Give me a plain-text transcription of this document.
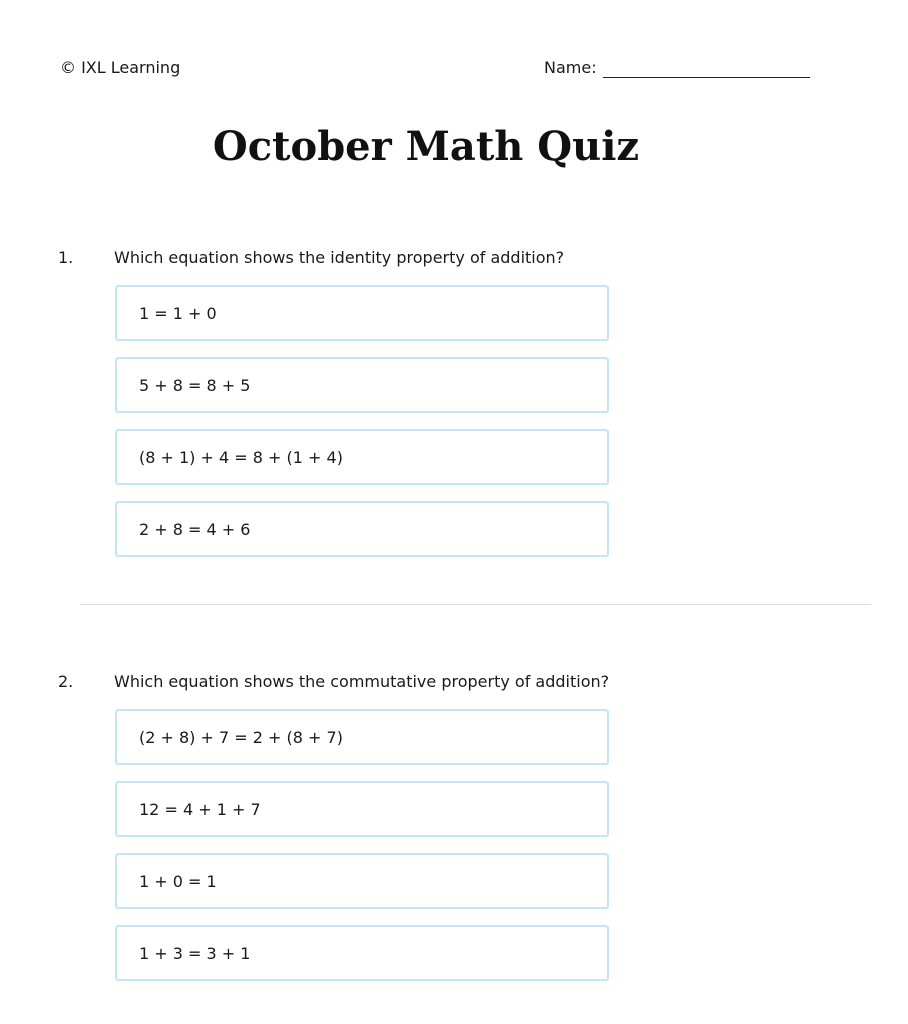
© IXL Learning	Name:
October Math Quiz
1.	Which equation shows the identity property of addition?
1 = 1 + 0
5 + 8 = 8 + 5
(8 + 1) + 4 = 8 + (1 + 4)
2 + 8 = 4 + 6
2.	Which equation shows the commutative property of addition?
(2 + 8) + 7 = 2 + (8 + 7)
12 = 4 + 1 + 7
1 + 0 = 1
1 + 3 = 3 + 1
